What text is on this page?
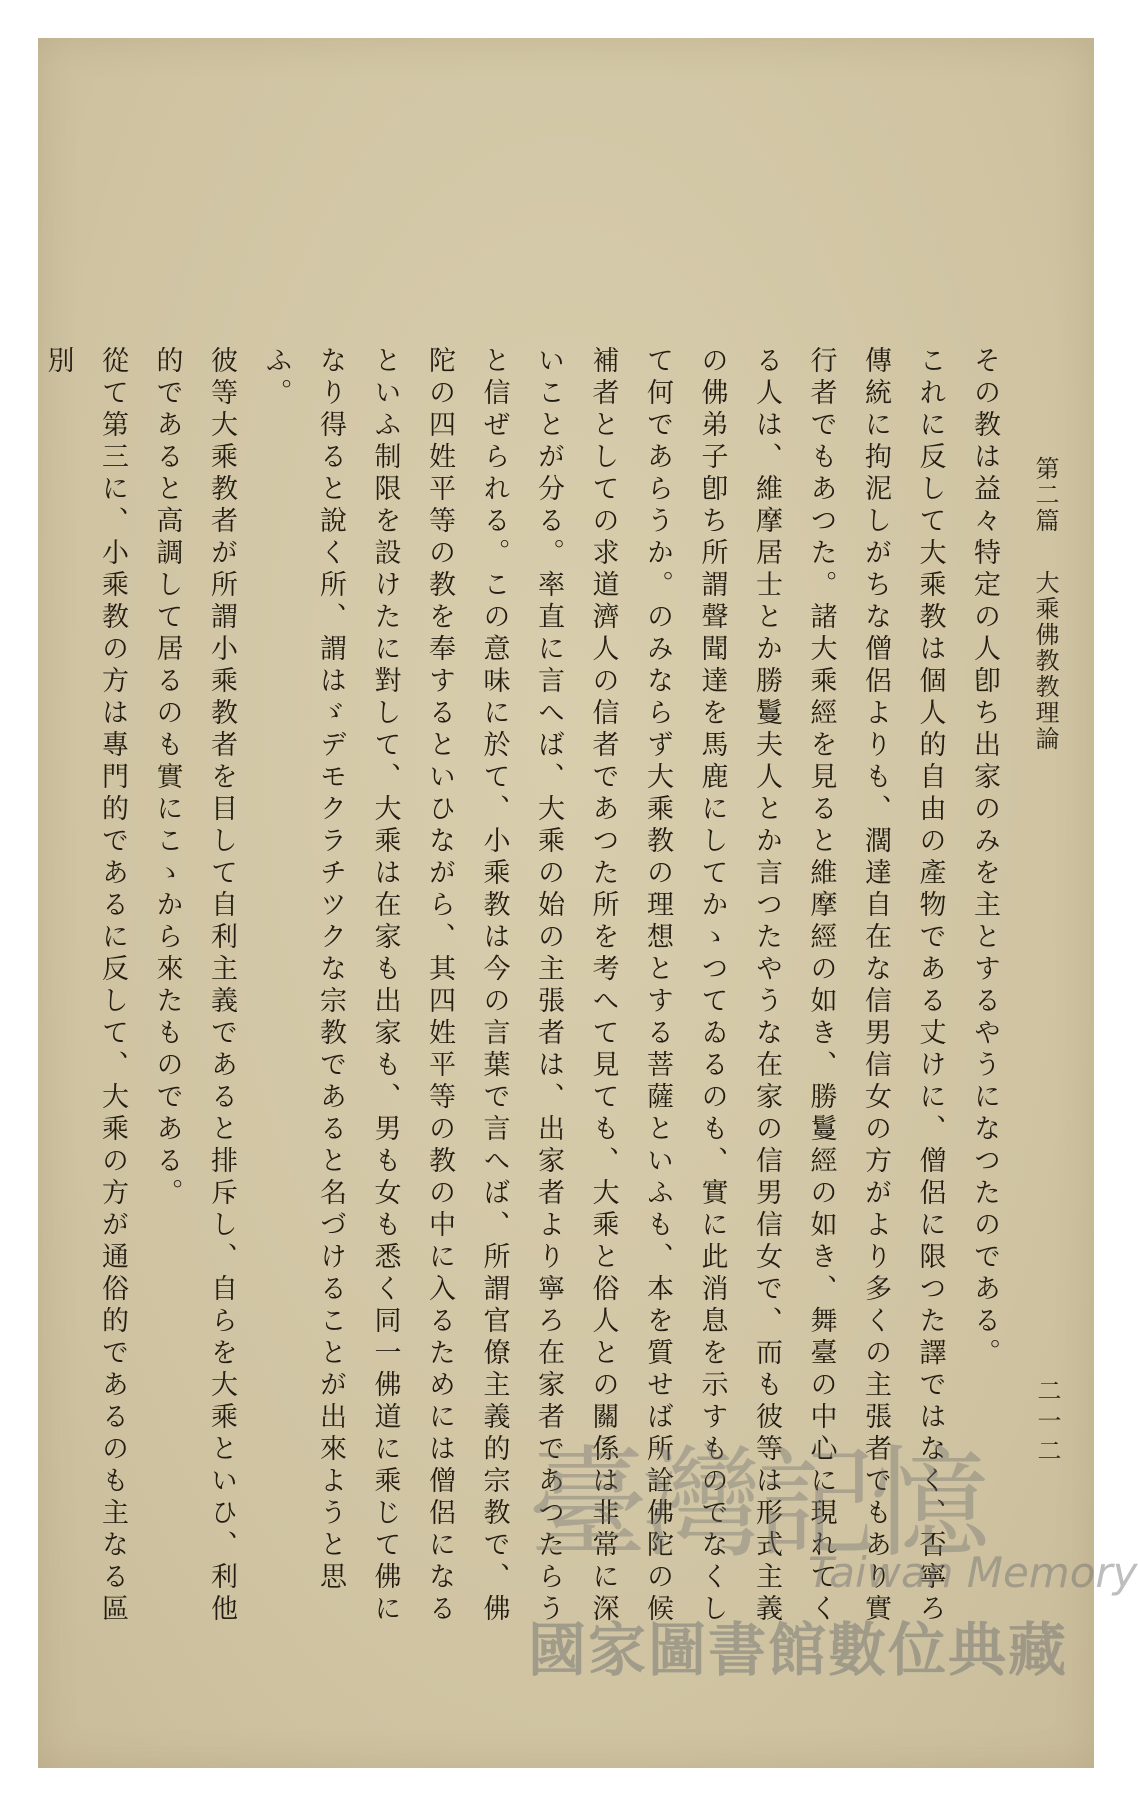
第二篇 大乘佛教教理論
二一二

その教は益々特定の人卽ち出家のみを主とするやうになつたのである。

これに反して大乘教は個人的自由の產物である丈けに、僧侶に限つた譯ではなく、否寧ろ傳統に拘泥しがちな僧侶よりも、濶達自在な信男信女の方がより多くの主張者でもあり實行者でもあつた。諸大乘經を見ると維摩經の如き、勝鬘經の如き、舞臺の中心に現れてくる人は、維摩居士とか勝鬘夫人とか言つたやうな在家の信男信女で、而も彼等は形式主義の佛弟子卽ち所謂聲聞達を馬鹿にしてかゝつてゐるのも、實に此消息を示すものでなくして何であらうか。のみならず大乘教の理想とする菩薩といふも、本を質せば所詮佛陀の候補者としての求道濟人の信者であつた所を考へて見ても、大乘と俗人との關係は非常に深いことが分る。率直に言へば、大乘の始の主張者は、出家者より寧ろ在家者であつたらうと信ぜられる。この意味に於て、小乘教は今の言葉で言へば、所謂官僚主義的宗教で、佛陀の四姓平等の教を奉するといひながら、其四姓平等の教の中に入るためには僧侶になるといふ制限を設けたに對して、大乘は在家も出家も、男も女も悉く同一佛道に乘じて佛になり得ると說く所、謂はゞデモクラチツクな宗教であると名づけることが出來ようと思ふ。

彼等大乘教者が所謂小乘教者を目して自利主義であると排斥し、自らを大乘といひ、利他的であると高調して居るのも實にこゝから來たものである。

從て第三に、小乘教の方は專門的であるに反して、大乘の方が通俗的であるのも主なる區別

臺灣記憶
Taiwan Memory
國家圖書館數位典藏
